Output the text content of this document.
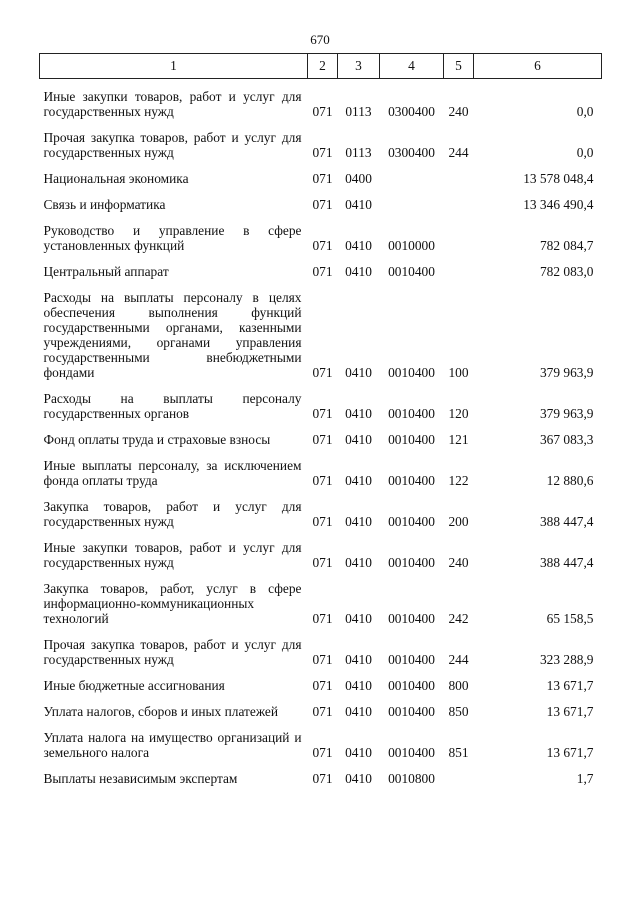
670
1	2	3	4	5	6
Иные закупки товаров, работ и услуг для государственных нужд	071	0113	0300400	240	0,0
Прочая закупка товаров, работ и услуг для государственных нужд	071	0113	0300400	244	0,0
Национальная экономика	071	0400			13 578 048,4
Связь и информатика	071	0410			13 346 490,4
Руководство и управление в сфере установленных функций	071	0410	0010000		782 084,7
Центральный аппарат	071	0410	0010400		782 083,0
Расходы на выплаты персоналу в целях обеспечения выполнения функций государственными органами, казенными учреждениями, органами управления государственными внебюджетными фондами	071	0410	0010400	100	379 963,9
Расходы на выплаты персоналу государственных органов	071	0410	0010400	120	379 963,9
Фонд оплаты труда и страховые взносы	071	0410	0010400	121	367 083,3
Иные выплаты персоналу, за исключением фонда оплаты труда	071	0410	0010400	122	12 880,6
Закупка товаров, работ и услуг для государственных нужд	071	0410	0010400	200	388 447,4
Иные закупки товаров, работ и услуг для государственных нужд	071	0410	0010400	240	388 447,4
Закупка товаров, работ, услуг в сфере информационно-коммуникационных технологий	071	0410	0010400	242	65 158,5
Прочая закупка товаров, работ и услуг для государственных нужд	071	0410	0010400	244	323 288,9
Иные бюджетные ассигнования	071	0410	0010400	800	13 671,7
Уплата налогов, сборов и иных платежей	071	0410	0010400	850	13 671,7
Уплата налога на имущество организаций и земельного налога	071	0410	0010400	851	13 671,7
Выплаты независимым экспертам	071	0410	0010800		1,7
